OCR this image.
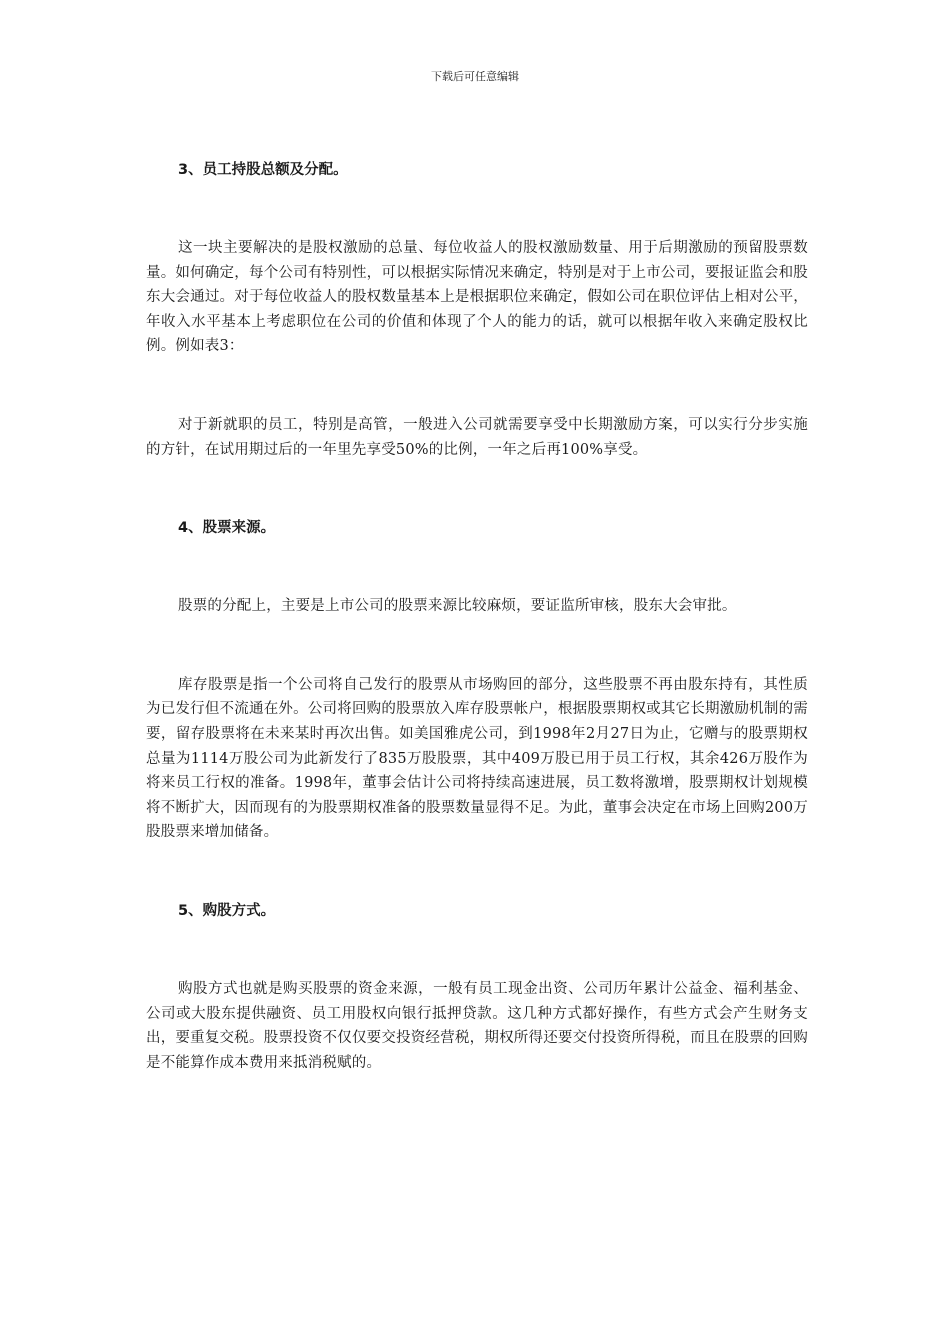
下载后可任意编辑
3、员工持股总额及分配。

这一块主要解决的是股权激励的总量、每位收益人的股权激励数量、用于后期激励的预留股票数量。如何确定，每个公司有特别性，可以根据实际情况来确定，特别是对于上市公司，要报证监会和股东大会通过。对于每位收益人的股权数量基本上是根据职位来确定，假如公司在职位评估上相对公平，年收入水平基本上考虑职位在公司的价值和体现了个人的能力的话，就可以根据年收入来确定股权比例。例如表3：

对于新就职的员工，特别是高管，一般进入公司就需要享受中长期激励方案，可以实行分步实施的方针，在试用期过后的一年里先享受50%的比例，一年之后再100%享受。

4、股票来源。

股票的分配上，主要是上市公司的股票来源比较麻烦，要证监所审核，股东大会审批。

库存股票是指一个公司将自己发行的股票从市场购回的部分，这些股票不再由股东持有，其性质为已发行但不流通在外。公司将回购的股票放入库存股票帐户，根据股票期权或其它长期激励机制的需要，留存股票将在未来某时再次出售。如美国雅虎公司，到1998年2月27日为止，它赠与的股票期权总量为1114万股公司为此新发行了835万股股票，其中409万股已用于员工行权，其余426万股作为将来员工行权的准备。1998年，董事会估计公司将持续高速进展，员工数将激增，股票期权计划规模将不断扩大，因而现有的为股票期权准备的股票数量显得不足。为此，董事会决定在市场上回购200万股股票来增加储备。

5、购股方式。

购股方式也就是购买股票的资金来源，一般有员工现金出资、公司历年累计公益金、福利基金、公司或大股东提供融资、员工用股权向银行抵押贷款。这几种方式都好操作，有些方式会产生财务支出，要重复交税。股票投资不仅仅要交投资经营税，期权所得还要交付投资所得税，而且在股票的回购是不能算作成本费用来抵消税赋的。
